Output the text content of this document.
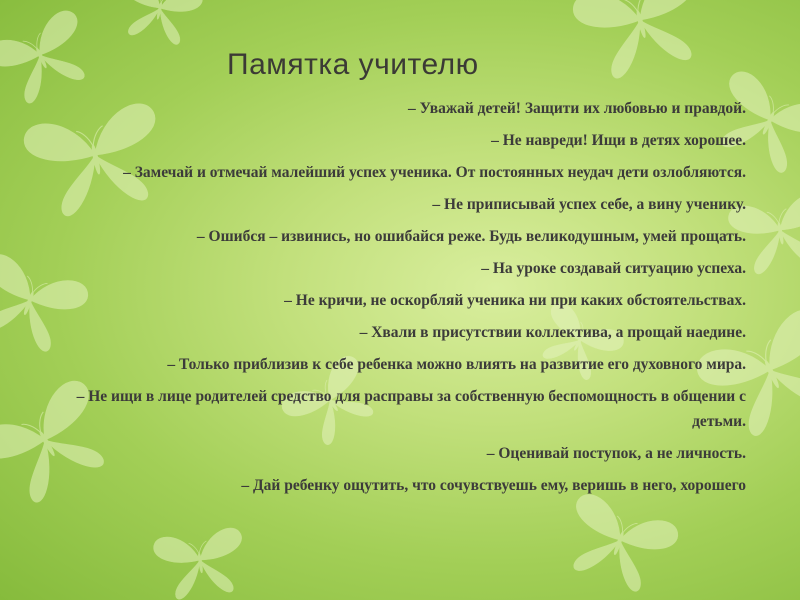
Памятка учителю
– Уважай детей! Защити их любовью и правдой.
– Не навреди! Ищи в детях хорошее.
– Замечай и отмечай малейший успех ученика. От постоянных неудач дети озлобляются.
– Не приписывай успех себе, а вину ученику.
– Ошибся – извинись, но ошибайся реже. Будь великодушным, умей прощать.
– На уроке создавай ситуацию успеха.
– Не кричи, не оскорбляй ученика ни при каких обстоятельствах.
– Хвали в присутствии коллектива, а прощай наедине.
– Только приблизив к себе ребенка можно влиять на развитие его духовного мира.
– Не ищи в лице родителей средство для расправы за собственную беспомощность в общении с детьми.
– Оценивай поступок, а не личность.
– Дай ребенку ощутить, что сочувствуешь ему, веришь в него, хорошего
